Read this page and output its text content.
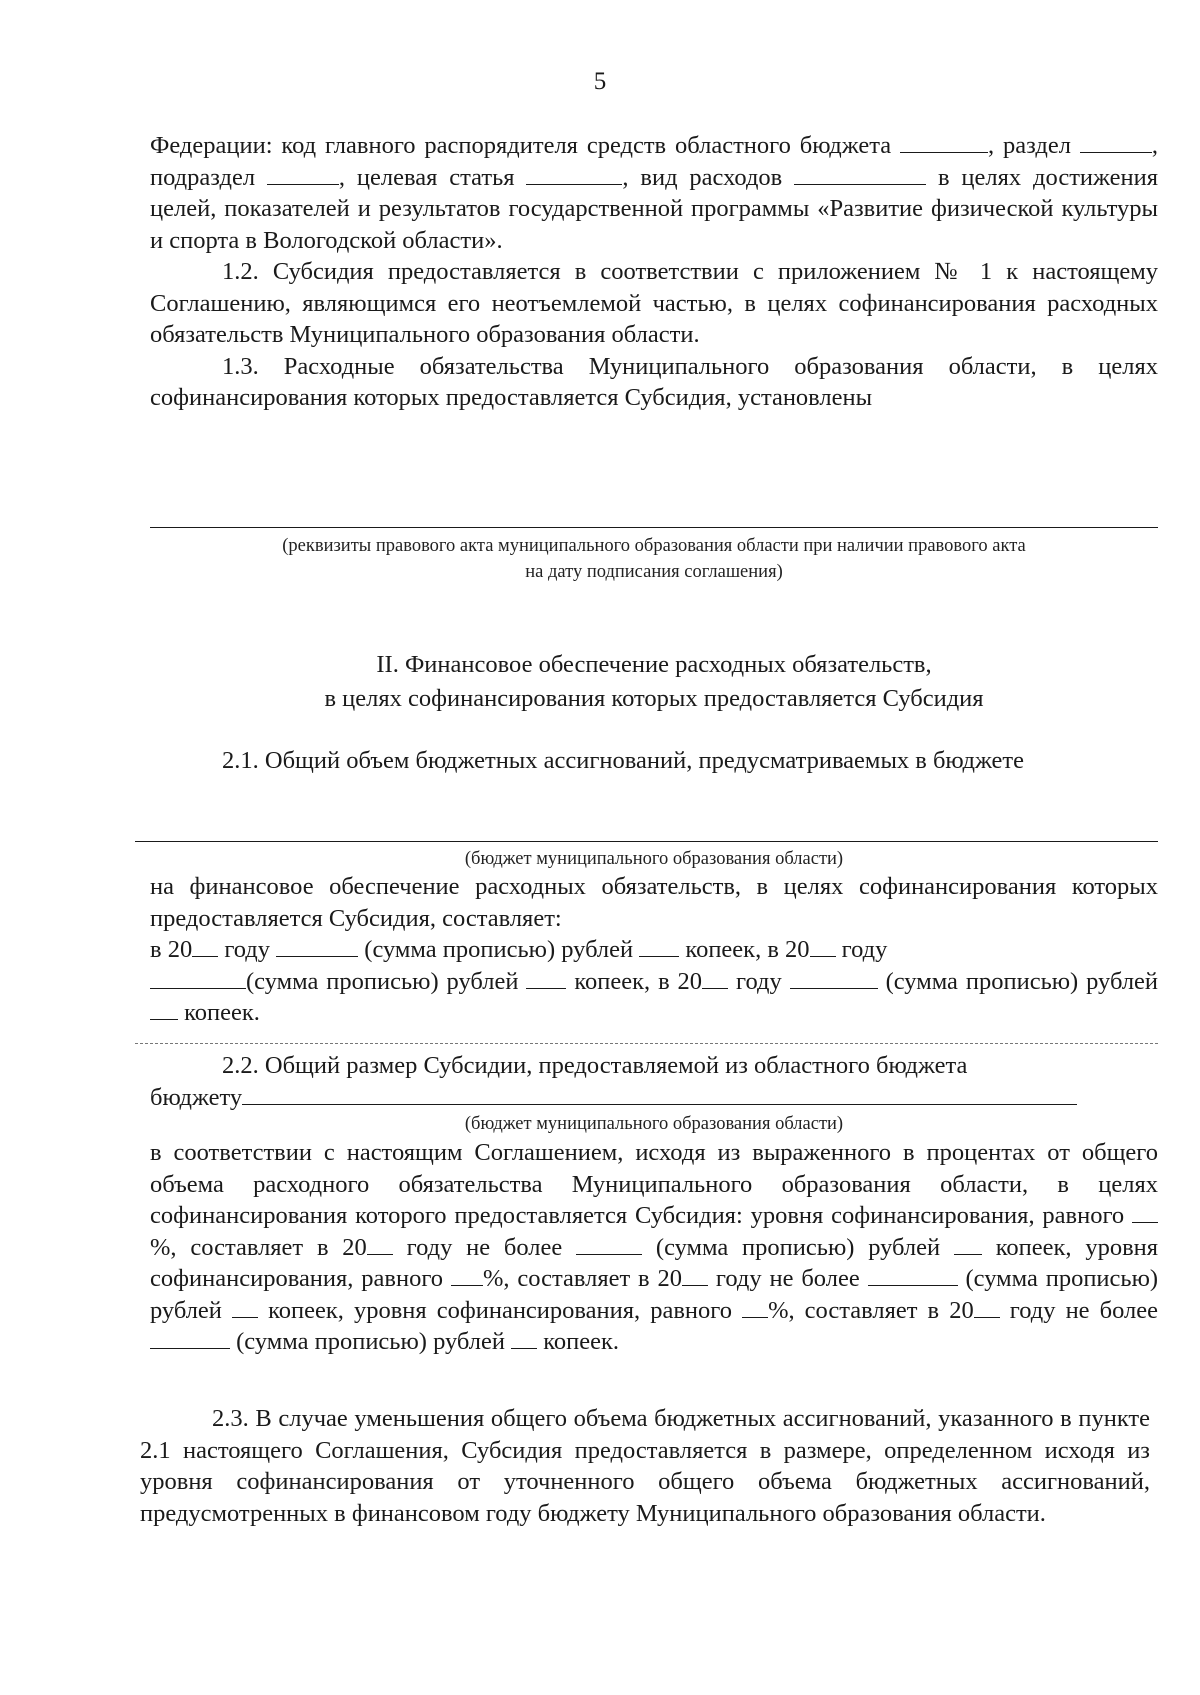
5

Федерации: код главного распорядителя средств областного бюджета	, раздел	, подраздел	, целевая статья	, вид расходов	в целях достижения целей, показателей и результатов государственной программы «Развитие физической культуры и спорта в Вологодской области».

1.2. Субсидия предоставляется в соответствии с приложением № 1 к настоящему Соглашению, являющимся его неотъемлемой частью, в целях софинансирования расходных обязательств Муниципального образования области.

1.3. Расходные обязательства Муниципального образования области, в целях софинансирования которых предоставляется Субсидия, установлены

(реквизиты правового акта муниципального образования области при наличии правового акта
на дату подписания соглашения)
II. Финансовое обеспечение расходных обязательств,
в целях софинансирования которых предоставляется Субсидия

2.1. Общий объем бюджетных ассигнований, предусматриваемых в бюджете

(бюджет муниципального образования области)

на финансовое обеспечение расходных обязательств, в целях софинансирования которых предоставляется Субсидия, составляет:

в 20 году	(сумма прописью) рублей копеек, в 20 году

(сумма прописью) рублей копеек, в 20 году	(сумма прописью) рублей  копеек.

2.2. Общий размер Субсидии, предоставляемой из областного бюджета

бюджету

(бюджет муниципального образования области)

в соответствии с настоящим Соглашением, исходя из выраженного в процентах от общего объема расходного обязательства Муниципального образования области, в целях софинансирования которого предоставляется Субсидия: уровня софинансирования, равного %, составляет в 20 году не более	(сумма прописью) рублей копеек, уровня софинансирования, равного %, составляет в 20 году не более	(сумма прописью) рублей копеек, уровня софинансирования, равного %, составляет в 20 году не более  (сумма прописью) рублей копеек.

2.3. В случае уменьшения общего объема бюджетных ассигнований, указанного в пункте 2.1 настоящего Соглашения, Субсидия предоставляется в размере, определенном исходя из уровня софинансирования от уточненного общего объема бюджетных ассигнований, предусмотренных в финансовом году бюджету Муниципального образования области.
